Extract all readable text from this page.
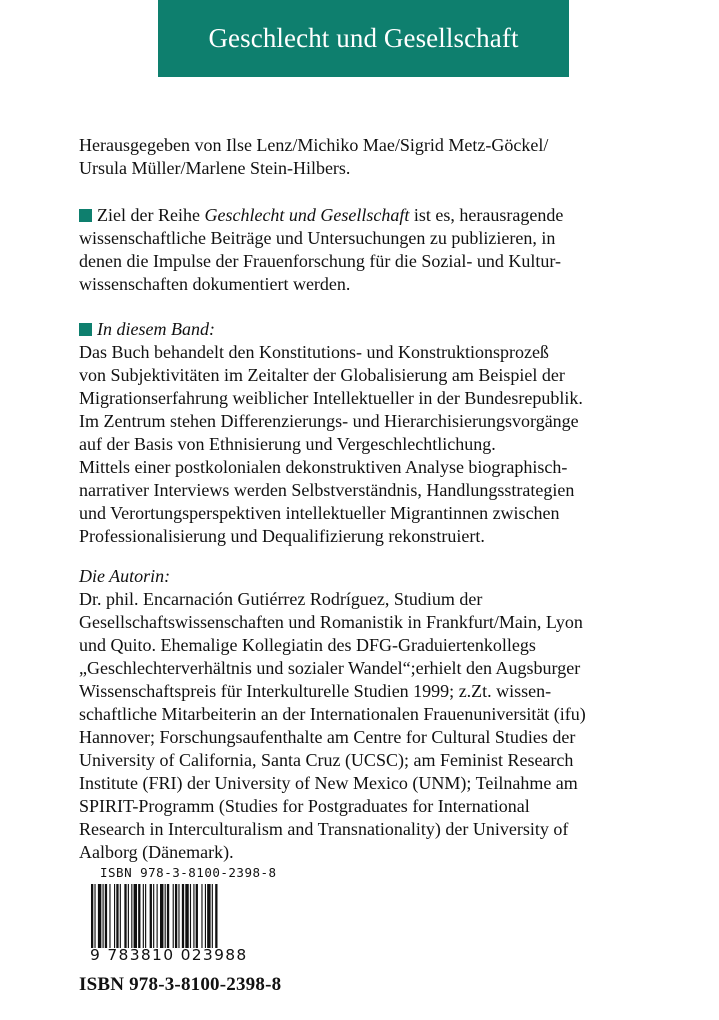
Geschlecht und Gesellschaft
Herausgegeben von Ilse Lenz/Michiko Mae/Sigrid Metz-Göckel/
Ursula Müller/Marlene Stein-Hilbers.
Ziel der Reihe Geschlecht und Gesellschaft ist es, herausragende
wissenschaftliche Beiträge und Untersuchungen zu publizieren, in
denen die Impulse der Frauenforschung für die Sozial- und Kultur-
wissenschaften dokumentiert werden.
In diesem Band:
Das Buch behandelt den Konstitutions- und Konstruktionsprozeß
von Subjektivitäten im Zeitalter der Globalisierung am Beispiel der
Migrationserfahrung weiblicher Intellektueller in der Bundesrepublik.
Im Zentrum stehen Differenzierungs- und Hierarchisierungsvorgänge
auf der Basis von Ethnisierung und Vergeschlechtlichung.
Mittels einer postkolonialen dekonstruktiven Analyse biographisch-
narrativer Interviews werden Selbstverständnis, Handlungsstrategien
und Verortungsperspektiven intellektueller Migrantinnen zwischen
Professionalisierung und Dequalifizierung rekonstruiert.
Die Autorin:
Dr. phil. Encarnación Gutiérrez Rodríguez, Studium der
Gesellschaftswissenschaften und Romanistik in Frankfurt/Main, Lyon
und Quito. Ehemalige Kollegiatin des DFG-Graduiertenkollegs
„Geschlechterverhältnis und sozialer Wandel“;erhielt den Augsburger
Wissenschaftspreis für Interkulturelle Studien 1999; z.Zt. wissen-
schaftliche Mitarbeiterin an der Internationalen Frauenuniversität (ifu)
Hannover; Forschungsaufenthalte am Centre for Cultural Studies der
University of California, Santa Cruz (UCSC); am Feminist Research
Institute (FRI) der University of New Mexico (UNM); Teilnahme am
SPIRIT-Programm (Studies for Postgraduates for International
Research in Interculturalism and Transnationality) der University of
Aalborg (Dänemark).
ISBN 978-3-8100-2398-8
9 783810 023988
ISBN 978-3-8100-2398-8
